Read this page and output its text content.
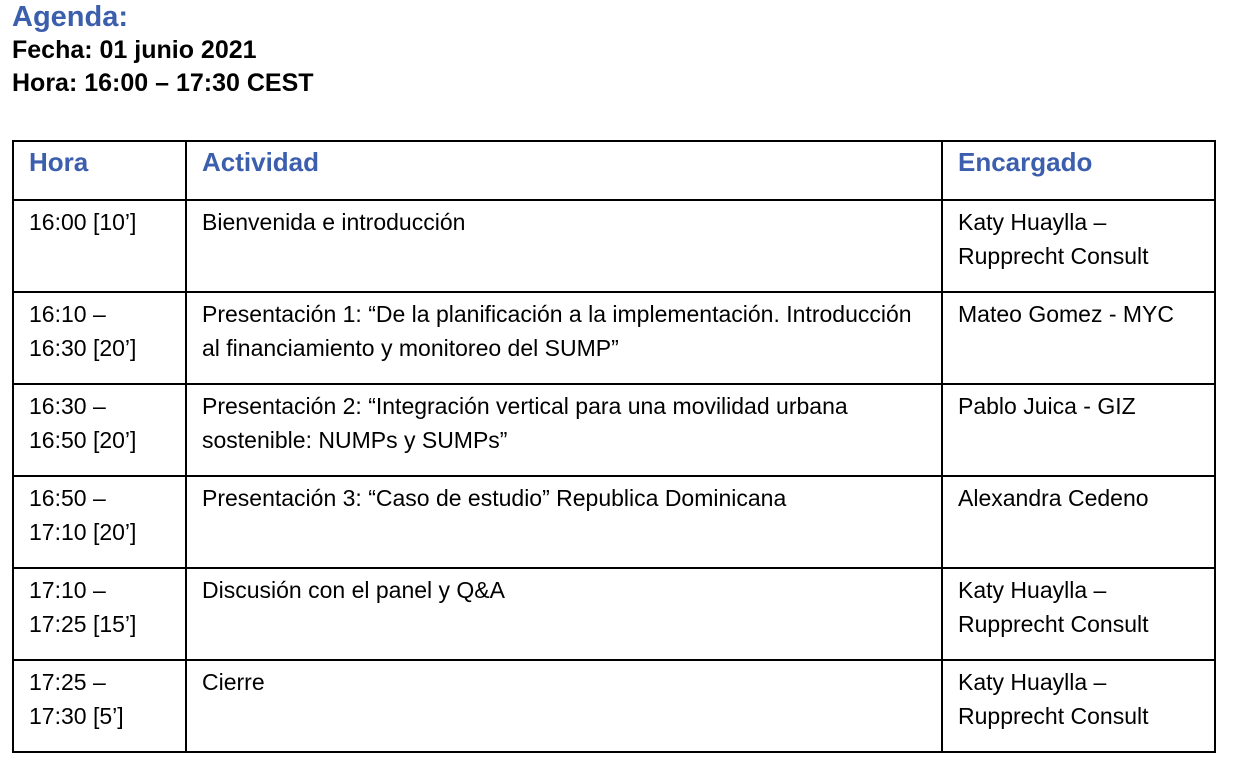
Agenda:

Fecha: 01 junio 2021

Hora: 16:00 – 17:30 CEST

Hora	Actividad	Encargado

16:00 [10’]	Bienvenida e introducción	Katy Huaylla – Rupprecht Consult

16:10 –
16:30 [20’]	Presentación 1: “De la planificación a la implementación. Introducción al financiamiento y monitoreo del SUMP”	Mateo Gomez - MYC

16:30 –
16:50 [20’]	Presentación 2: “Integración vertical para una movilidad urbana sostenible: NUMPs y SUMPs”	Pablo Juica - GIZ

16:50 –
17:10 [20’]	Presentación 3: “Caso de estudio” Republica Dominicana	Alexandra Cedeno

17:10 –
17:25 [15’]	Discusión con el panel y Q&A	Katy Huaylla – Rupprecht Consult

17:25 –
17:30 [5’]	Cierre	Katy Huaylla – Rupprecht Consult
